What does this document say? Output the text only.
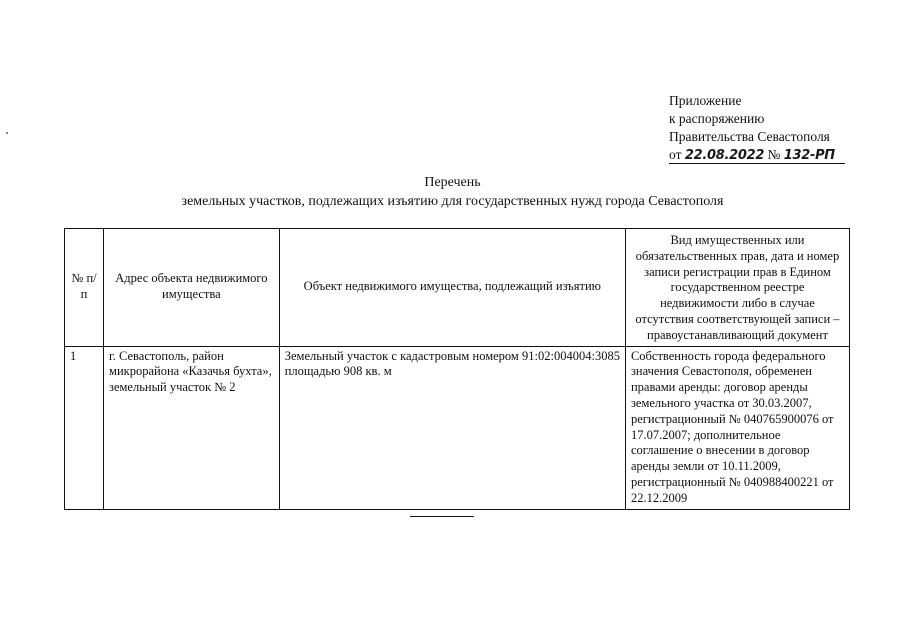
Приложение
к распоряжению
Правительства Севастополя
от 22.08.2022 № 132-РП
Перечень
земельных участков, подлежащих изъятию для государственных нужд города Севастополя
№ п/п	Адрес объекта недвижимого имущества	Объект недвижимого имущества, подлежащий изъятию	Вид имущественных или обязательственных прав, дата и номер записи регистрации прав в Едином государственном реестре недвижимости либо в случае отсутствия соответствующей записи – правоустанавливающий документ
1	г. Севастополь, район микрорайона «Казачья бухта», земельный участок № 2	Земельный участок с кадастровым номером 91:02:004004:3085 площадью 908 кв. м	Собственность города федерального значения Севастополя, обременен правами аренды: договор аренды земельного участка от 30.03.2007, регистрационный № 040765900076 от 17.07.2007; дополнительное соглашение о внесении в договор аренды земли от 10.11.2009, регистрационный № 040988400221 от 22.12.2009
